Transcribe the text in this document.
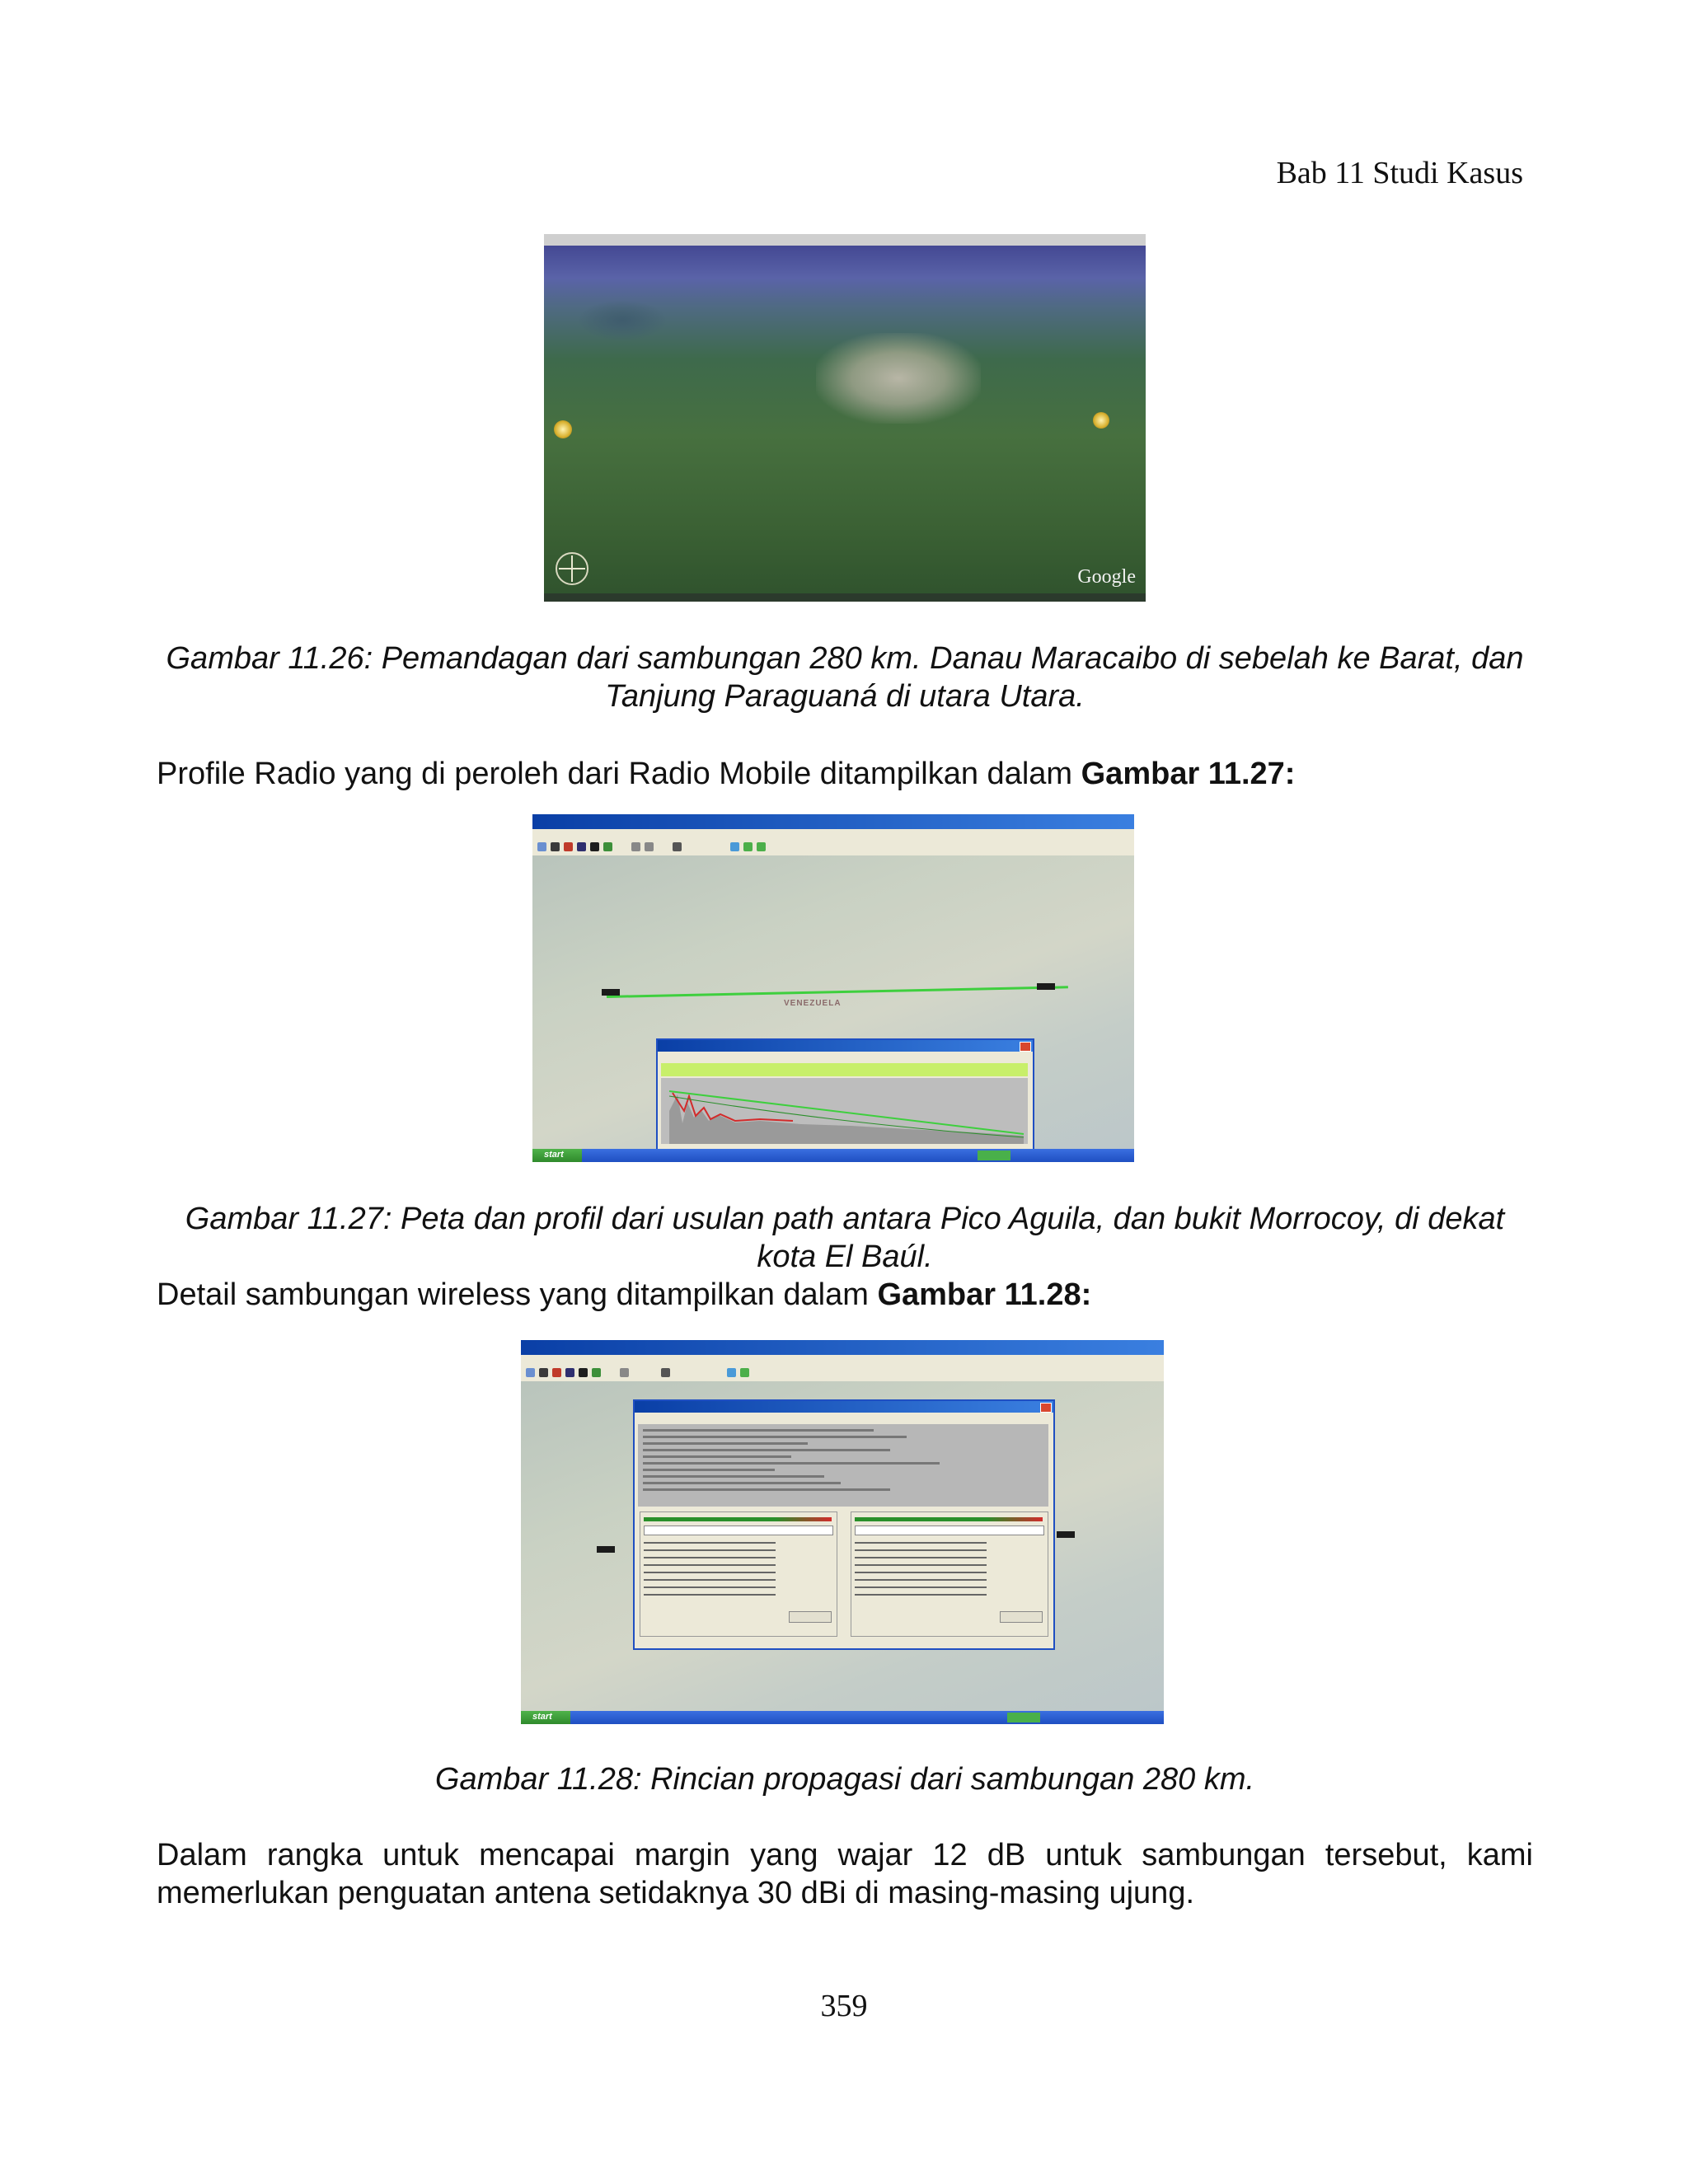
Bab 11 Studi Kasus
Google
Gambar 11.26: Pemandagan dari sambungan 280 km. Danau Maracaibo di sebelah ke Barat, dan Tanjung Paraguaná di utara Utara.
Profile Radio yang di peroleh dari Radio Mobile ditampilkan dalam Gambar 11.27:
VENEZUELA
start
Gambar 11.27: Peta dan profil dari usulan path antara Pico Aguila, dan bukit Morrocoy, di dekat kota El Baúl.
Detail sambungan wireless yang ditampilkan dalam Gambar 11.28:
start
Gambar 11.28: Rincian propagasi dari sambungan 280 km.
Dalam rangka untuk mencapai margin yang wajar 12 dB untuk sambungan tersebut, kami memerlukan penguatan antena setidaknya 30 dBi di masing-masing ujung.
359
